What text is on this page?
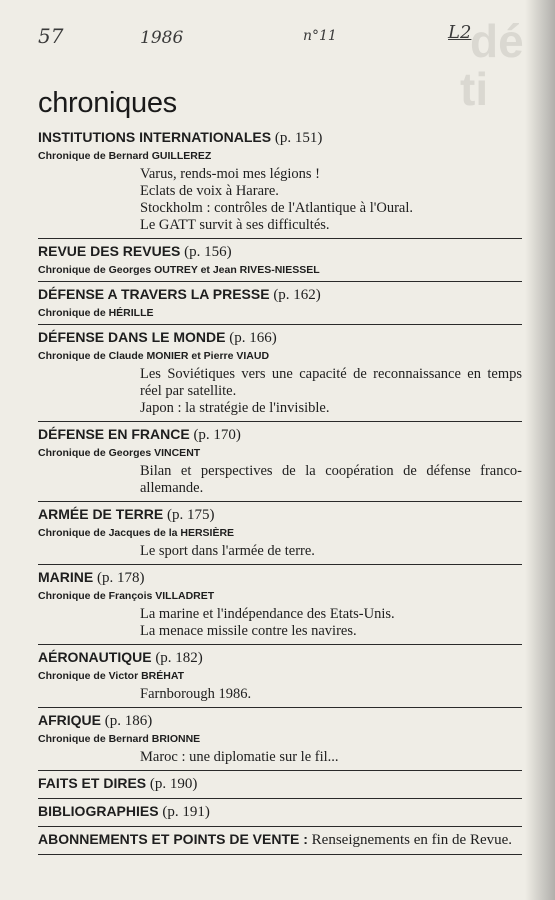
dé
ti
57	1986	n°11	L2
chroniques
INSTITUTIONS INTERNATIONALES (p. 151)
Chronique de Bernard GUILLEREZ
Varus, rends-moi mes légions !
Eclats de voix à Harare.
Stockholm : contrôles de l'Atlantique à l'Oural.
Le GATT survit à ses difficultés.
REVUE DES REVUES (p. 156)
Chronique de Georges OUTREY et Jean RIVES-NIESSEL
DÉFENSE A TRAVERS LA PRESSE (p. 162)
Chronique de HÉRILLE
DÉFENSE DANS LE MONDE (p. 166)
Chronique de Claude MONIER et Pierre VIAUD
Les Soviétiques vers une capacité de reconnaissance en temps réel par satellite.
Japon : la stratégie de l'invisible.
DÉFENSE EN FRANCE (p. 170)
Chronique de Georges VINCENT
Bilan et perspectives de la coopération de défense franco-allemande.
ARMÉE DE TERRE (p. 175)
Chronique de Jacques de la HERSIÈRE
Le sport dans l'armée de terre.
MARINE (p. 178)
Chronique de François VILLADRET
La marine et l'indépendance des Etats-Unis.
La menace missile contre les navires.
AÉRONAUTIQUE (p. 182)
Chronique de Victor BRÉHAT
Farnborough 1986.
AFRIQUE (p. 186)
Chronique de Bernard BRIONNE
Maroc : une diplomatie sur le fil...
FAITS ET DIRES (p. 190)
BIBLIOGRAPHIES (p. 191)
ABONNEMENTS ET POINTS DE VENTE : Renseignements en fin de Revue.
